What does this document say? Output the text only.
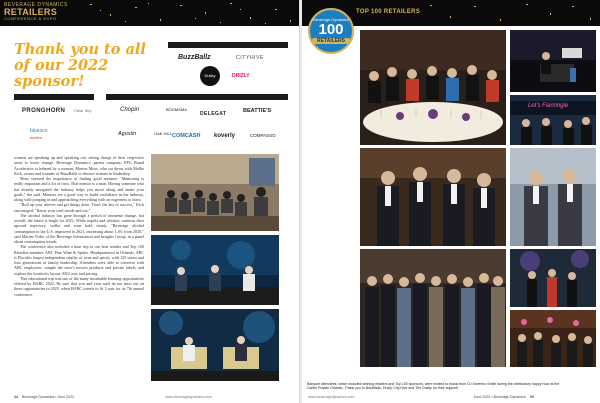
BEVERAGE DYNAMICS
RETAILERS
CONFERENCE & EXPO
Thank you to all of our 2022 sponsor!
BuzzBallz	CITYHIVE
Dusky	DRIZLY
PRONGHORN Clear Sky	Chopin	BOOMSMA
DELEGAT	BEATTIE'S
blueoco
barfive
Agustin	OAK HILL COMCASH koverly	COMPASSO

women are speaking up and speaking out, taking charge of their respective areas to foster change. Beverage Dynamics' parent company, EPG Brand Accelerator, is helmed by a woman, Marion Moss, who sat down with Mollie Kick, owner and founder of BuzzBallz to discuss women in leadership.

Moss stressed the importance of finding good mentors: "Mentoring is really important and a lot of trust. That mentor is a man. Having someone who has already navigated the industry helps you move along and attain your goals," she said. Mentors are a good way to build confidence in the industry, along with jumping in and approaching everything with an eagerness to learn.

"Roll up your sleeves and get things done. That's the key to success," Kick encouraged. "Know your craft inside and out."

The alcohol industry has gone through a period of immense change, but overall, the future is bright for 2022. While tequila and whiskey continue their upward trajectory, vodka and wine hold steady. "Beverage alcohol consumption in the U.S. improved in 2021, increasing about 1.4% from 2020," said Marten Vidoc of the Beverage Information and Insights Group, in a panel about consumption trends.

The conference also included a time trip to our host retailer and Top 100 Retailers member, ABC Fine Wine & Spirits. Headquartered in Orlando, ABC is Florida's largest independent retailer of wine and spirits, with 125 stores and four generations of family leadership. Attendees were able to converse with ABC employees, sample the store's newest products and private labels, and explore the location's layout, SKU mix and pricing.

This educational trip was one of the many invaluable learning opportunities offered by BARC 2022. Be sure that you and your staff do not miss out on these opportunities in 2023, when BARC travels to St. Louis for its 7th annual conference.

24 Beverage Dynamics • June 2022	www.beveragedynamics.com
TOP 100 RETAILERS
Beverage Dynamics
100
RETAILERS
Let's Flamingle
Banquet attendees, which included winning retailers and Top 100 sponsors, were treated to music from DJ Severino Smith during the celebratory happy hour at the Caribe Royale Orlando. Thank you to BuzzBallz, Drizly, City Hive and The Dusky for their support!
www.beveragedynamics.com	June 2022 • Beverage Dynamics 25
